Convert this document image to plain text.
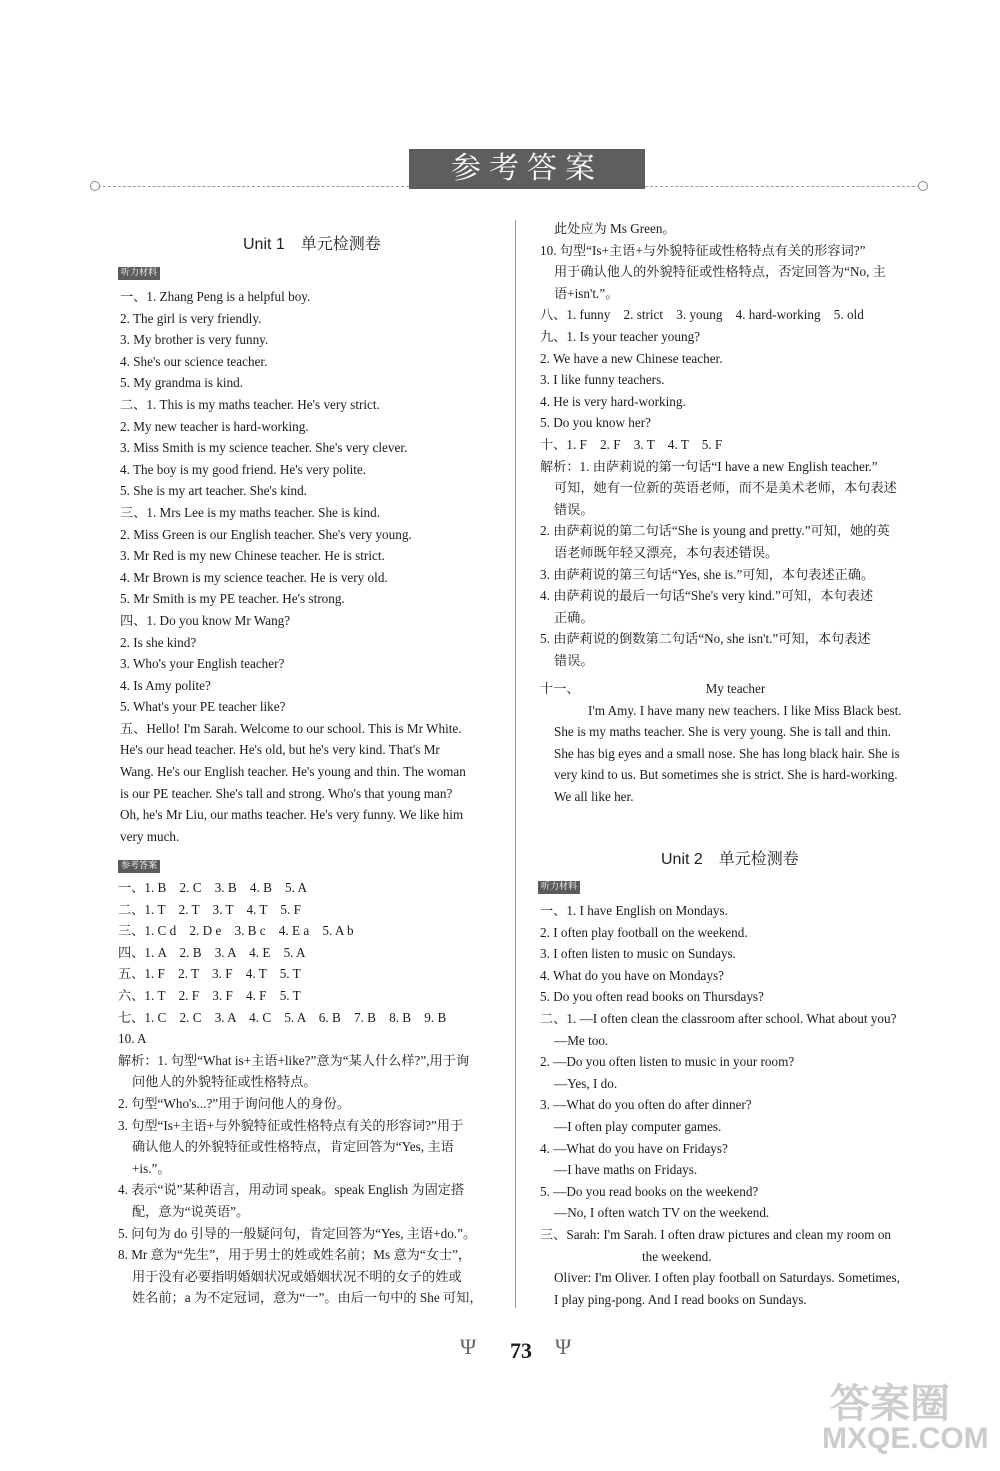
参考答案
Unit 1　单元检测卷
听力材料
一、1. Zhang Peng is a helpful boy.
2. The girl is very friendly.
3. My brother is very funny.
4. She's our science teacher.
5. My grandma is kind.
二、1. This is my maths teacher. He's very strict.
2. My new teacher is hard-working.
3. Miss Smith is my science teacher. She's very clever.
4. The boy is my good friend. He's very polite.
5. She is my art teacher. She's kind.
三、1. Mrs Lee is my maths teacher. She is kind.
2. Miss Green is our English teacher. She's very young.
3. Mr Red is my new Chinese teacher. He is strict.
4. Mr Brown is my science teacher. He is very old.
5. Mr Smith is my PE teacher. He's strong.
四、1. Do you know Mr Wang?
2. Is she kind?
3. Who's your English teacher?
4. Is Amy polite?
5. What's your PE teacher like?
五、Hello! I'm Sarah. Welcome to our school. This is Mr White.
He's our head teacher. He's old, but he's very kind. That's Mr
Wang. He's our English teacher. He's young and thin. The woman
is our PE teacher. She's tall and strong. Who's that young man?
Oh, he's Mr Liu, our maths teacher. He's very funny. We like him
very much.
参考答案
一、1. B　2. C　3. B　4. B　5. A
二、1. T　2. T　3. T　4. T　5. F
三、1. C d　2. D e　3. B c　4. E a　5. A b
四、1. A　2. B　3. A　4. E　5. A
五、1. F　2. T　3. F　4. T　5. T
六、1. T　2. F　3. F　4. F　5. T
七、1. C　2. C　3. A　4. C　5. A　6. B　7. B　8. B　9. B
10. A
解析：1. 句型“What is+主语+like?”意为“某人什么样?”,用于询
问他人的外貌特征或性格特点。
2. 句型“Who's...?”用于询问他人的身份。
3. 句型“Is+主语+与外貌特征或性格特点有关的形容词?”用于
确认他人的外貌特征或性格特点，肯定回答为“Yes, 主语
+is.”。
4. 表示“说”某种语言，用动词 speak。speak English 为固定搭
配，意为“说英语”。
5. 问句为 do 引导的一般疑问句，肯定回答为“Yes, 主语+do.”。
8. Mr 意为“先生”，用于男士的姓或姓名前；Ms 意为“女士”，
用于没有必要指明婚姻状况或婚姻状况不明的女子的姓或
姓名前；a 为不定冠词，意为“一”。由后一句中的 She 可知，
此处应为 Ms Green。
10. 句型“Is+主语+与外貌特征或性格特点有关的形容词?”
用于确认他人的外貌特征或性格特点，否定回答为“No, 主
语+isn't.”。
八、1. funny　2. strict　3. young　4. hard-working　5. old
九、1. Is your teacher young?
2. We have a new Chinese teacher.
3. I like funny teachers.
4. He is very hard-working.
5. Do you know her?
十、1. F　2. F　3. T　4. T　5. F
解析：1. 由萨莉说的第一句话“I have a new English teacher.”
可知，她有一位新的英语老师，而不是美术老师，本句表述
错误。
2. 由萨莉说的第二句话“She is young and pretty.”可知，她的英
语老师既年轻又漂亮，本句表述错误。
3. 由萨莉说的第三句话“Yes, she is.”可知，本句表述正确。
4. 由萨莉说的最后一句话“She's very kind.”可知，本句表述
正确。
5. 由萨莉说的倒数第二句话“No, she isn't.”可知，本句表述
错误。
十一、	My teacher
I'm Amy. I have many new teachers. I like Miss Black best.
She is my maths teacher. She is very young. She is tall and thin.
She has big eyes and a small nose. She has long black hair. She is
very kind to us. But sometimes she is strict. She is hard-working.
We all like her.
Unit 2　单元检测卷
听力材料
一、1. I have English on Mondays.
2. I often play football on the weekend.
3. I often listen to music on Sundays.
4. What do you have on Mondays?
5. Do you often read books on Thursdays?
二、1. —I often clean the classroom after school. What about you?
—Me too.
2. —Do you often listen to music in your room?
—Yes, I do.
3. —What do you often do after dinner?
—I often play computer games.
4. —What do you have on Fridays?
—I have maths on Fridays.
5. —Do you read books on the weekend?
—No, I often watch TV on the weekend.
三、Sarah: I'm Sarah. I often draw pictures and clean my room on
the weekend.
Oliver: I'm Oliver. I often play football on Saturdays. Sometimes,
I play ping-pong. And I read books on Sundays.
Ψ 73 Ψ
答案圈
MXQE.COM
